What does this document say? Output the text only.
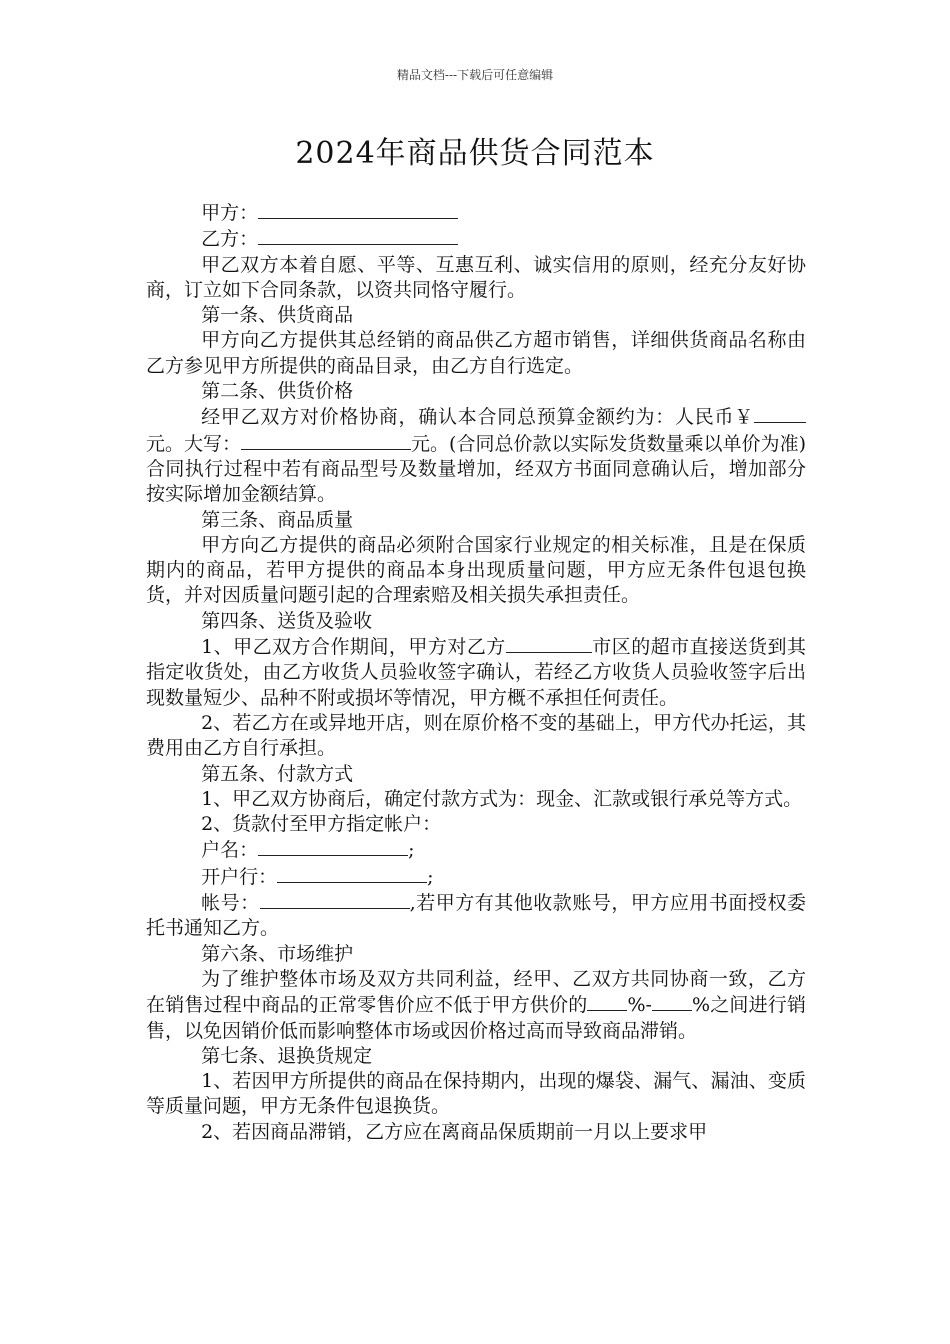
精品文档---下载后可任意编辑
2024年商品供货合同范本

甲方：

乙方：

甲乙双方本着自愿、平等、互惠互利、诚实信用的原则，经充分友好协商，订立如下合同条款，以资共同恪守履行。

第一条、供货商品

甲方向乙方提供其总经销的商品供乙方超市销售，详细供货商品名称由乙方参见甲方所提供的商品目录，由乙方自行选定。

第二条、供货价格

经甲乙双方对价格协商，确认本合同总预算金额约为：人民币￥元。大写：	元。(合同总价款以实际发货数量乘以单价为准)合同执行过程中若有商品型号及数量增加，经双方书面同意确认后，增加部分按实际增加金额结算。

第三条、商品质量

甲方向乙方提供的商品必须附合国家行业规定的相关标准，且是在保质期内的商品，若甲方提供的商品本身出现质量问题，甲方应无条件包退包换货，并对因质量问题引起的合理索赔及相关损失承担责任。

第四条、送货及验收

1、甲乙双方合作期间，甲方对乙方	市区的超市直接送货到其指定收货处，由乙方收货人员验收签字确认，若经乙方收货人员验收签字后出现数量短少、品种不附或损坏等情况，甲方概不承担任何责任。

2、若乙方在或异地开店，则在原价格不变的基础上，甲方代办托运，其费用由乙方自行承担。

第五条、付款方式

1、甲乙双方协商后，确定付款方式为：现金、汇款或银行承兑等方式。

2、货款付至甲方指定帐户：

户名：	;

开户行：	;

帐号：	,若甲方有其他收款账号，甲方应用书面授权委托书通知乙方。

第六条、市场维护

为了维护整体市场及双方共同利益，经甲、乙双方共同协商一致，乙方在销售过程中商品的正常零售价应不低于甲方供价的 %- %之间进行销售，以免因销价低而影响整体市场或因价格过高而导致商品滞销。

第七条、退换货规定

1、若因甲方所提供的商品在保持期内，出现的爆袋、漏气、漏油、变质等质量问题，甲方无条件包退换货。

2、若因商品滞销，乙方应在离商品保质期前一月以上要求甲
